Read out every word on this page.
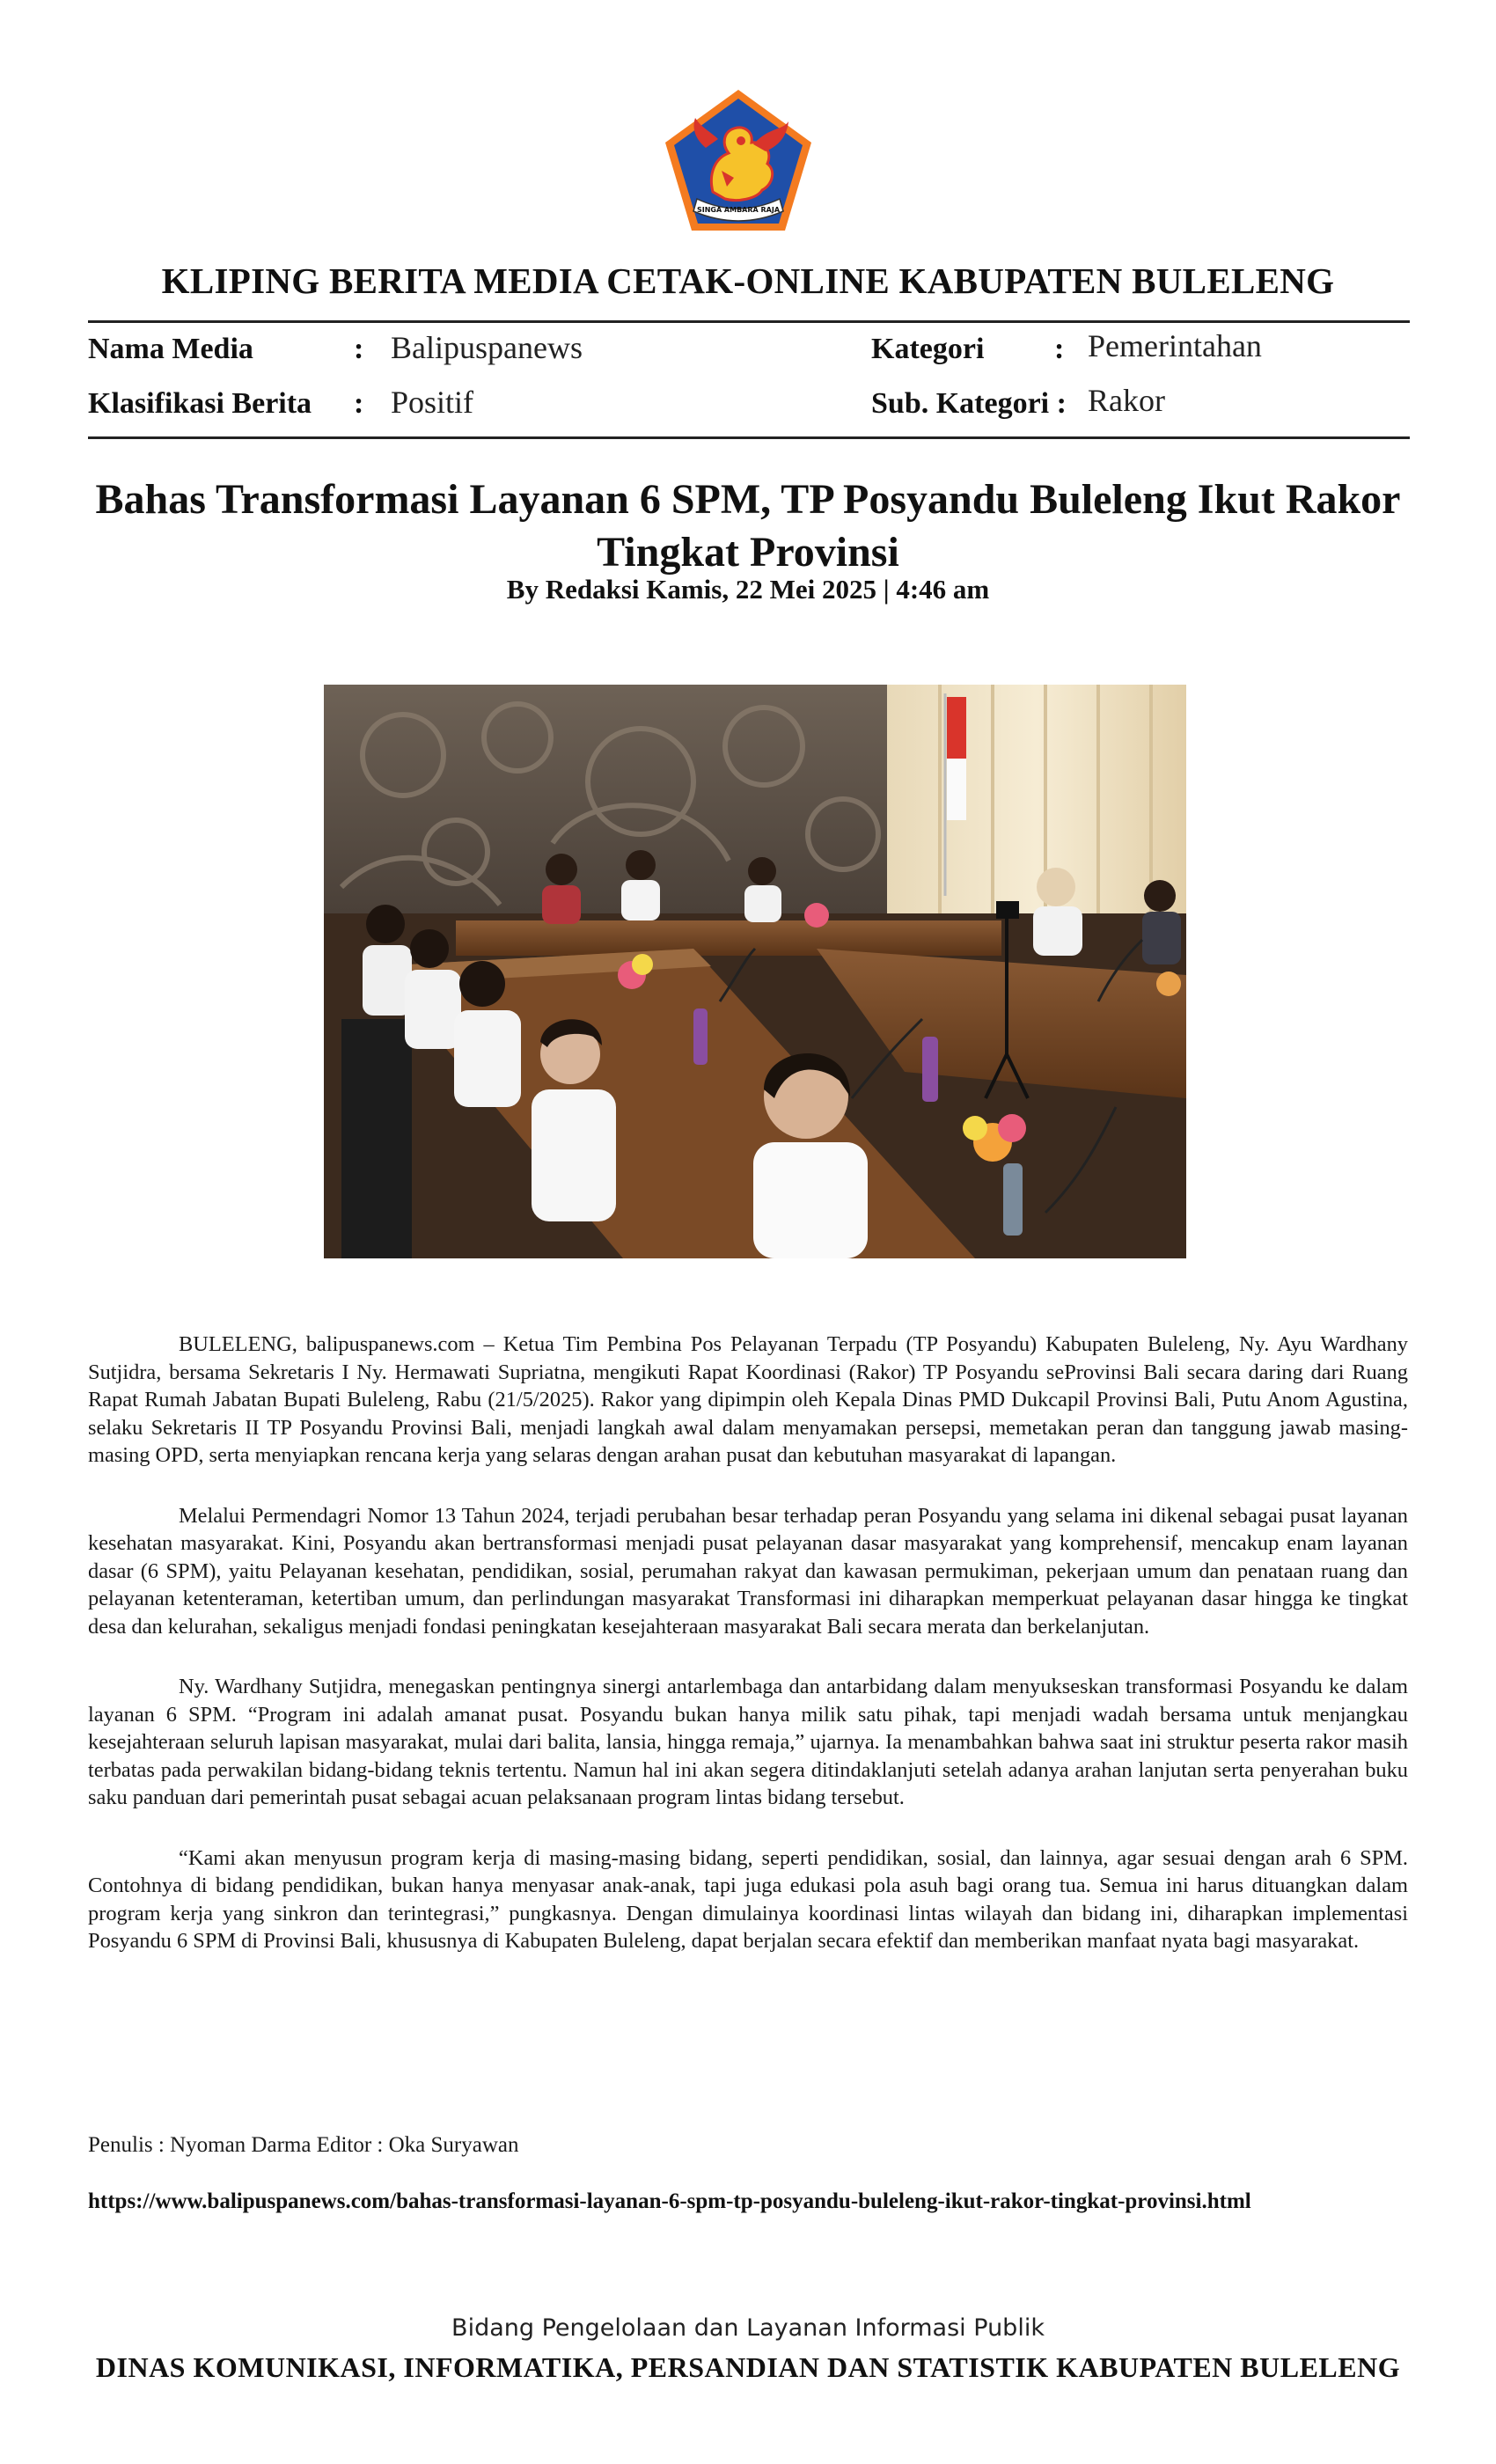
SINGA AMBARA RAJA
KLIPING BERITA MEDIA CETAK-ONLINE KABUPATEN BULELENG
Nama Media	: Balipuspanews
Klasifikasi Berita : Positif
Kategori : Pemerintahan
Sub. Kategori : Rakor
Bahas Transformasi Layanan 6 SPM, TP Posyandu Buleleng Ikut Rakor Tingkat Provinsi
By Redaksi Kamis, 22 Mei 2025 | 4:46 am

BULELENG, balipuspanews.com – Ketua Tim Pembina Pos Pelayanan Terpadu (TP Posyandu) Kabupaten Buleleng, Ny. Ayu Wardhany Sutjidra, bersama Sekretaris I Ny. Hermawati Supriatna, mengikuti Rapat Koordinasi (Rakor) TP Posyandu seProvinsi Bali secara daring dari Ruang Rapat Rumah Jabatan Bupati Buleleng, Rabu (21/5/2025). Rakor yang dipimpin oleh Kepala Dinas PMD Dukcapil Provinsi Bali, Putu Anom Agustina, selaku Sekretaris II TP Posyandu Provinsi Bali, menjadi langkah awal dalam menyamakan persepsi, memetakan peran dan tanggung jawab masing-masing OPD, serta menyiapkan rencana kerja yang selaras dengan arahan pusat dan kebutuhan masyarakat di lapangan.

Melalui Permendagri Nomor 13 Tahun 2024, terjadi perubahan besar terhadap peran Posyandu yang selama ini dikenal sebagai pusat layanan kesehatan masyarakat. Kini, Posyandu akan bertransformasi menjadi pusat pelayanan dasar masyarakat yang komprehensif, mencakup enam layanan dasar (6 SPM), yaitu Pelayanan kesehatan, pendidikan, sosial, perumahan rakyat dan kawasan permukiman, pekerjaan umum dan penataan ruang dan pelayanan ketenteraman, ketertiban umum, dan perlindungan masyarakat Transformasi ini diharapkan memperkuat pelayanan dasar hingga ke tingkat desa dan kelurahan, sekaligus menjadi fondasi peningkatan kesejahteraan masyarakat Bali secara merata dan berkelanjutan.

Ny. Wardhany Sutjidra, menegaskan pentingnya sinergi antarlembaga dan antarbidang dalam menyukseskan transformasi Posyandu ke dalam layanan 6 SPM. “Program ini adalah amanat pusat. Posyandu bukan hanya milik satu pihak, tapi menjadi wadah bersama untuk menjangkau kesejahteraan seluruh lapisan masyarakat, mulai dari balita, lansia, hingga remaja,” ujarnya. Ia menambahkan bahwa saat ini struktur peserta rakor masih terbatas pada perwakilan bidang-bidang teknis tertentu. Namun hal ini akan segera ditindaklanjuti setelah adanya arahan lanjutan serta penyerahan buku saku panduan dari pemerintah pusat sebagai acuan pelaksanaan program lintas bidang tersebut.

“Kami akan menyusun program kerja di masing-masing bidang, seperti pendidikan, sosial, dan lainnya, agar sesuai dengan arah 6 SPM. Contohnya di bidang pendidikan, bukan hanya menyasar anak-anak, tapi juga edukasi pola asuh bagi orang tua. Semua ini harus dituangkan dalam program kerja yang sinkron dan terintegrasi,” pungkasnya. Dengan dimulainya koordinasi lintas wilayah dan bidang ini, diharapkan implementasi Posyandu 6 SPM di Provinsi Bali, khususnya di Kabupaten Buleleng, dapat berjalan secara efektif dan memberikan manfaat nyata bagi masyarakat.

Penulis : Nyoman Darma Editor : Oka Suryawan
https://www.balipuspanews.com/bahas-transformasi-layanan-6-spm-tp-posyandu-buleleng-ikut-rakor-tingkat-provinsi.html
Bidang Pengelolaan dan Layanan Informasi Publik
DINAS KOMUNIKASI, INFORMATIKA, PERSANDIAN DAN STATISTIK KABUPATEN BULELENG
